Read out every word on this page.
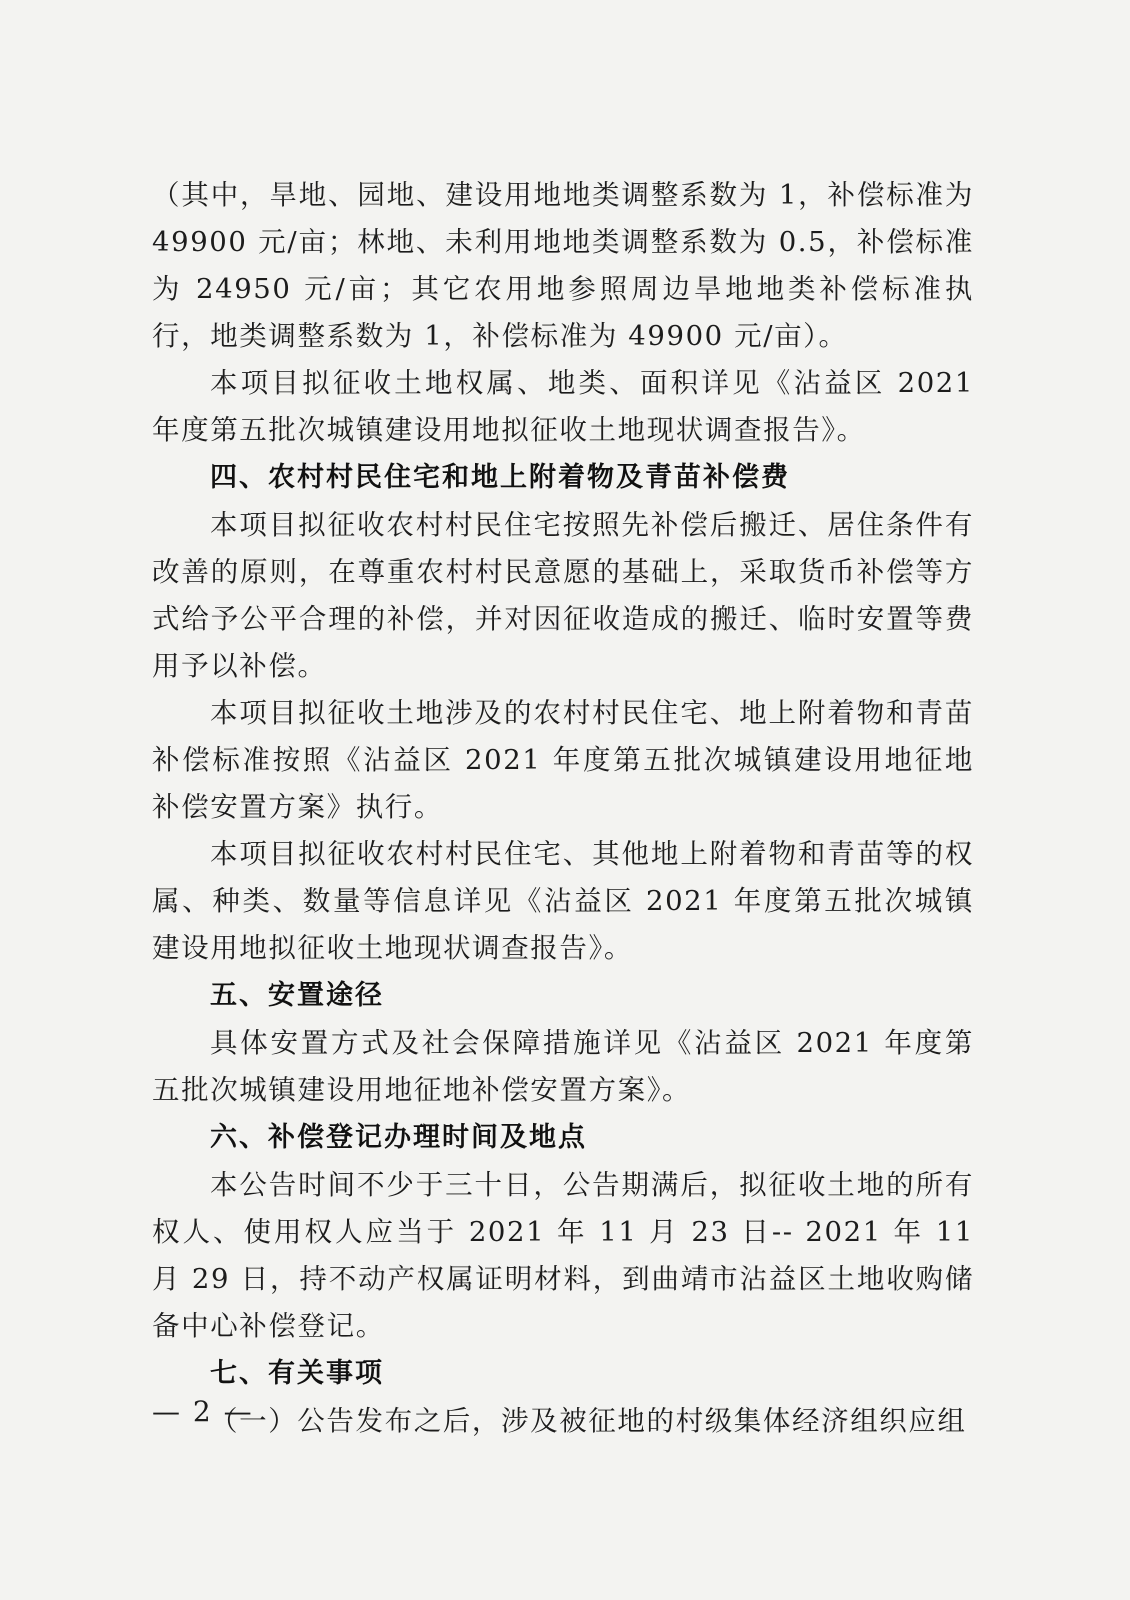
（其中，旱地、园地、建设用地地类调整系数为 1，补偿标准为 49900 元/亩；林地、未利用地地类调整系数为 0.5，补偿标准为 24950 元/亩；其它农用地参照周边旱地地类补偿标准执行，地类调整系数为 1，补偿标准为 49900 元/亩）。

本项目拟征收土地权属、地类、面积详见《沾益区 2021 年度第五批次城镇建设用地拟征收土地现状调查报告》。

四、农村村民住宅和地上附着物及青苗补偿费

本项目拟征收农村村民住宅按照先补偿后搬迁、居住条件有改善的原则，在尊重农村村民意愿的基础上，采取货币补偿等方式给予公平合理的补偿，并对因征收造成的搬迁、临时安置等费用予以补偿。

本项目拟征收土地涉及的农村村民住宅、地上附着物和青苗补偿标准按照《沾益区 2021 年度第五批次城镇建设用地征地补偿安置方案》执行。

本项目拟征收农村村民住宅、其他地上附着物和青苗等的权属、种类、数量等信息详见《沾益区 2021 年度第五批次城镇建设用地拟征收土地现状调查报告》。

五、安置途径

具体安置方式及社会保障措施详见《沾益区 2021 年度第五批次城镇建设用地征地补偿安置方案》。

六、补偿登记办理时间及地点

本公告时间不少于三十日，公告期满后，拟征收土地的所有权人、使用权人应当于 2021 年 11 月 23 日-- 2021 年 11 月 29 日，持不动产权属证明材料，到曲靖市沾益区土地收购储备中心补偿登记。

七、有关事项

（一）公告发布之后，涉及被征地的村级集体经济组织应组

— 2 —
